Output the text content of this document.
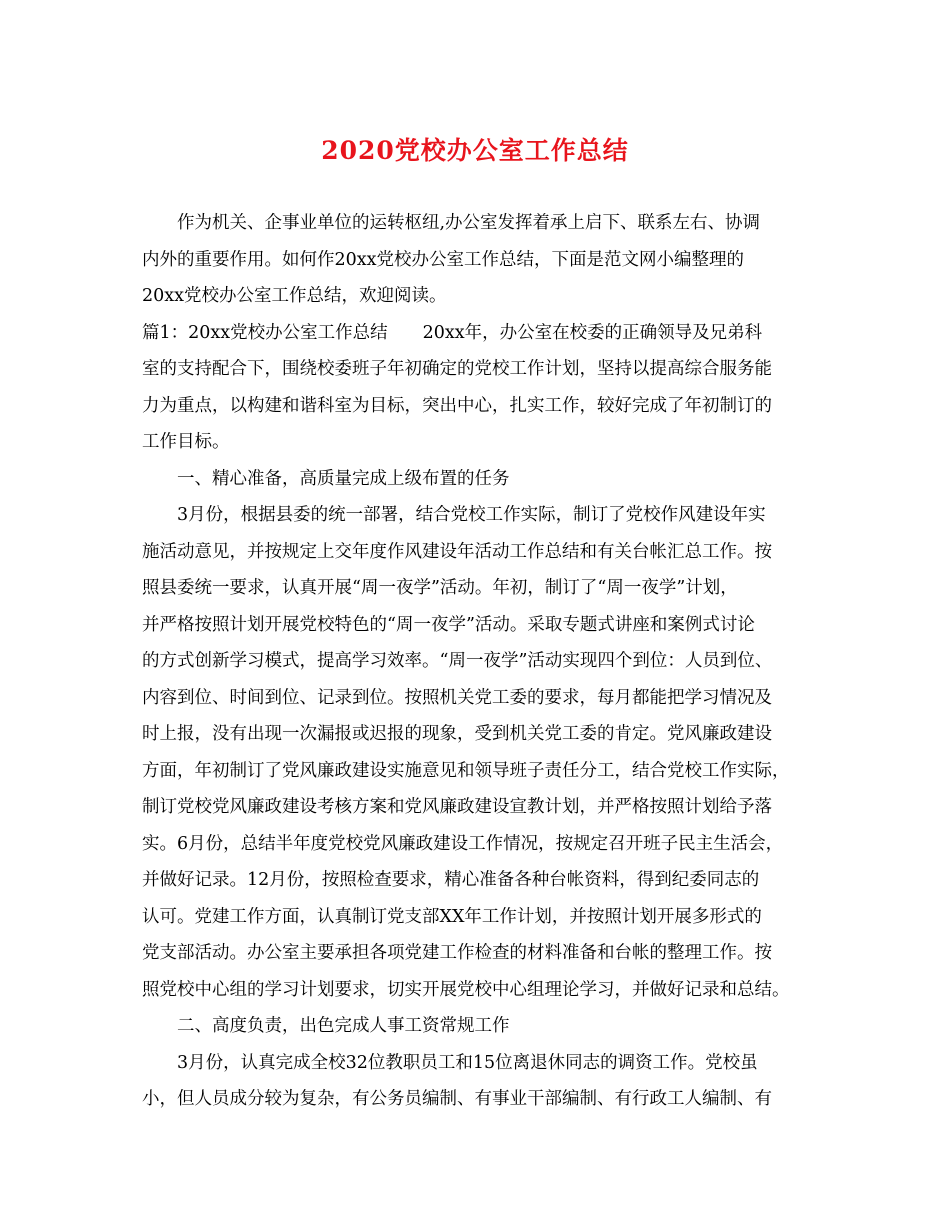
2020党校办公室工作总结
作为机关、企事业单位的运转枢纽,办公室发挥着承上启下、联系左右、协调
内外的重要作用。如何作20xx党校办公室工作总结，下面是范文网小编整理的
20xx党校办公室工作总结，欢迎阅读。
篇1：20xx党校办公室工作总结　　20xx年，办公室在校委的正确领导及兄弟科
室的支持配合下，围绕校委班子年初确定的党校工作计划，坚持以提高综合服务能
力为重点，以构建和谐科室为目标，突出中心，扎实工作，较好完成了年初制订的
工作目标。
一、精心准备，高质量完成上级布置的任务
3月份，根据县委的统一部署，结合党校工作实际，制订了党校作风建设年实
施活动意见，并按规定上交年度作风建设年活动工作总结和有关台帐汇总工作。按
照县委统一要求，认真开展“周一夜学”活动。年初，制订了“周一夜学”计划，
并严格按照计划开展党校特色的“周一夜学”活动。采取专题式讲座和案例式讨论
的方式创新学习模式，提高学习效率。“周一夜学”活动实现四个到位：人员到位、
内容到位、时间到位、记录到位。按照机关党工委的要求，每月都能把学习情况及
时上报，没有出现一次漏报或迟报的现象，受到机关党工委的肯定。党风廉政建设
方面，年初制订了党风廉政建设实施意见和领导班子责任分工，结合党校工作实际，
制订党校党风廉政建设考核方案和党风廉政建设宣教计划，并严格按照计划给予落
实。6月份，总结半年度党校党风廉政建设工作情况，按规定召开班子民主生活会，
并做好记录。12月份，按照检查要求，精心准备各种台帐资料，得到纪委同志的
认可。党建工作方面，认真制订党支部XX年工作计划，并按照计划开展多形式的
党支部活动。办公室主要承担各项党建工作检查的材料准备和台帐的整理工作。按
照党校中心组的学习计划要求，切实开展党校中心组理论学习，并做好记录和总结。
二、高度负责，出色完成人事工资常规工作
3月份，认真完成全校32位教职员工和15位离退休同志的调资工作。党校虽
小，但人员成分较为复杂，有公务员编制、有事业干部编制、有行政工人编制、有
